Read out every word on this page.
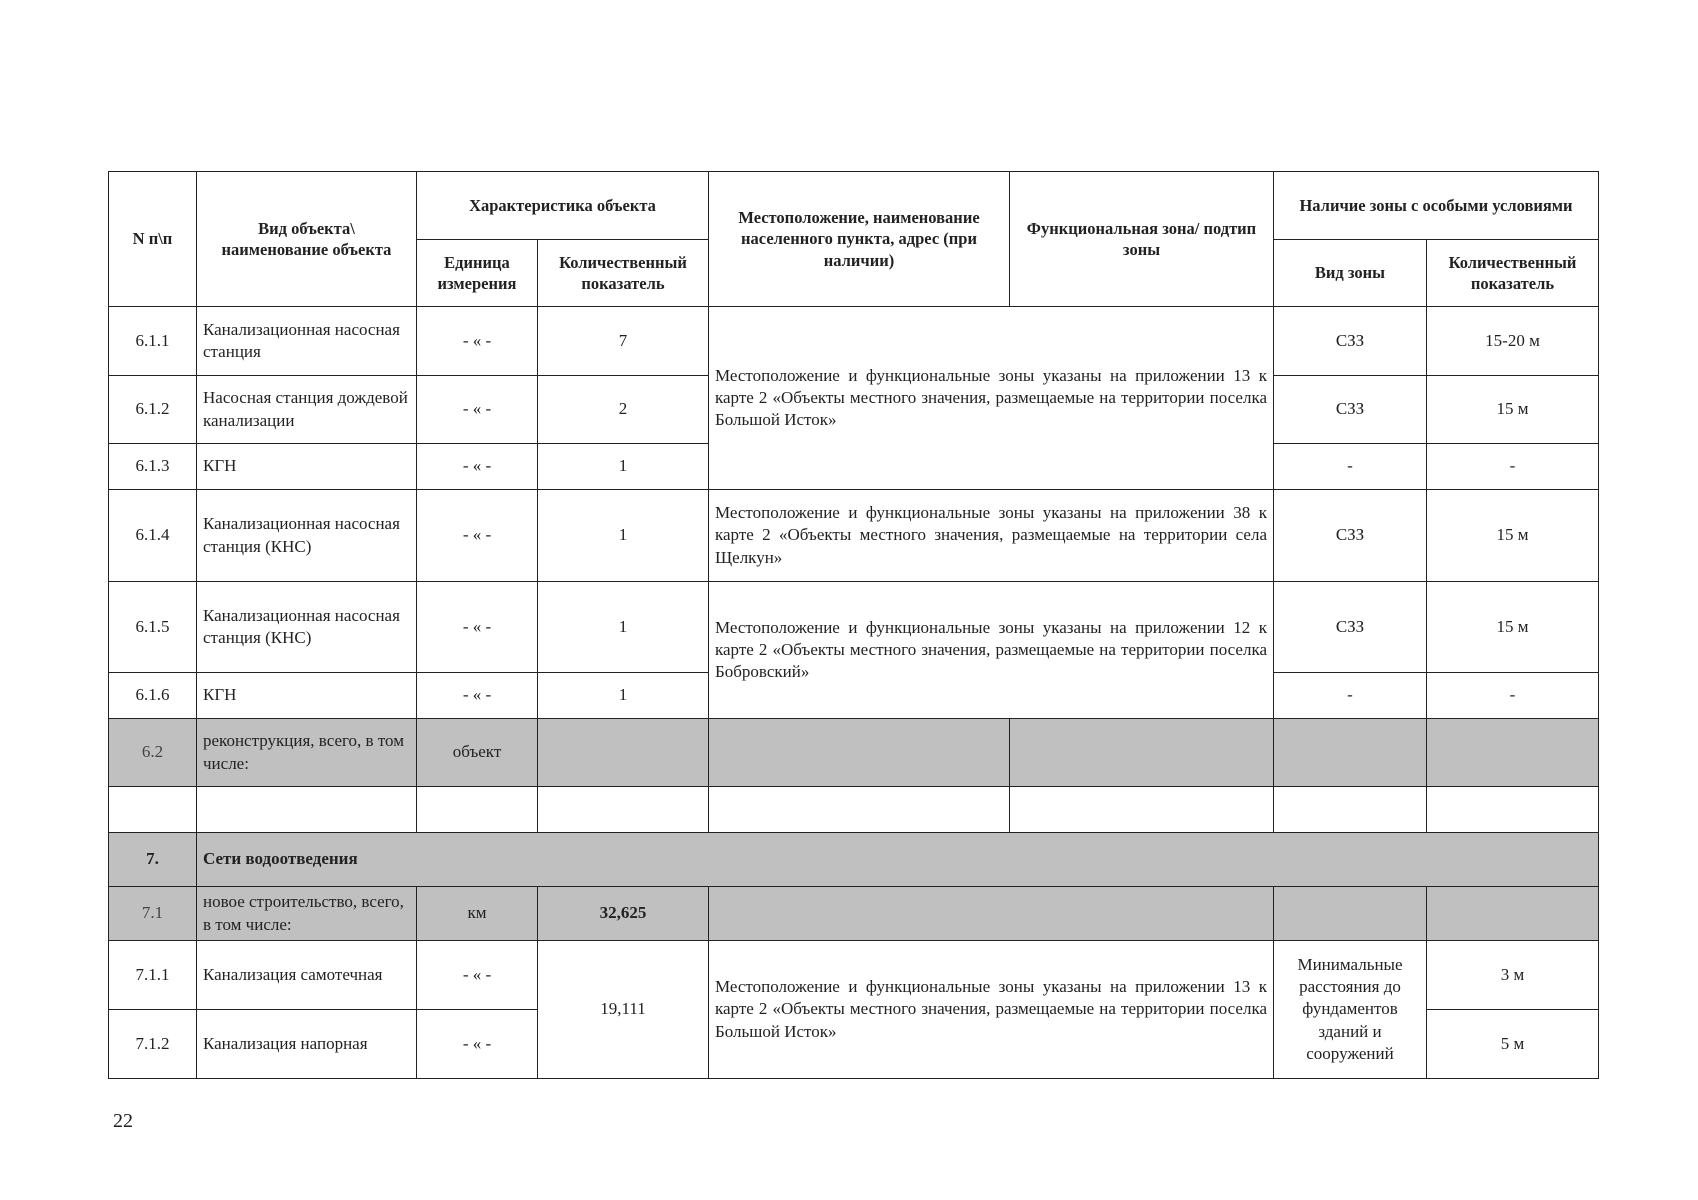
N п\п	Вид объекта\ наименование объекта	Характеристика объекта		Местоположение, наименование населенного пункта, адрес (при наличии)	Функциональная зона/ подтип зоны	Наличие зоны с особыми условиями	
		Единица измерения	Количественный показатель			Вид зоны	Количественный показатель
6.1.1	Канализационная насосная станция	- « -	7	Местоположение и функциональные зоны указаны на приложении 13 к карте 2 «Объекты местного значения, размещаемые на территории поселка Большой Исток»		СЗЗ	15-20 м
6.1.2	Насосная станция дождевой канализации	- « -	2			СЗЗ	15 м
6.1.3	КГН	- « -	1			-	-
6.1.4	Канализационная насосная станция (КНС)	- « -	1	Местоположение и функциональные зоны указаны на приложении 38 к карте 2 «Объекты местного значения, размещаемые на территории села Щелкун»		СЗЗ	15 м
6.1.5	Канализационная насосная станция (КНС)	- « -	1	Местоположение и функциональные зоны указаны на приложении 12 к карте 2 «Объекты местного значения, размещаемые на территории поселка Бобровский»		СЗЗ	15 м
6.1.6	КГН	- « -	1			-	-
6.2	реконструкция, всего, в том числе:	объект					

7.	Сети водоотведения						
7.1	новое строительство, всего, в том числе:	км	32,625				
7.1.1	Канализация самотечная	- « -	19,111	Местоположение и функциональные зоны указаны на приложении 13 к карте 2 «Объекты местного значения, размещаемые на территории поселка Большой Исток»		Минимальные расстояния до фундаментов зданий и сооружений	3 м
7.1.2	Канализация напорная	- « -					5 м
22
